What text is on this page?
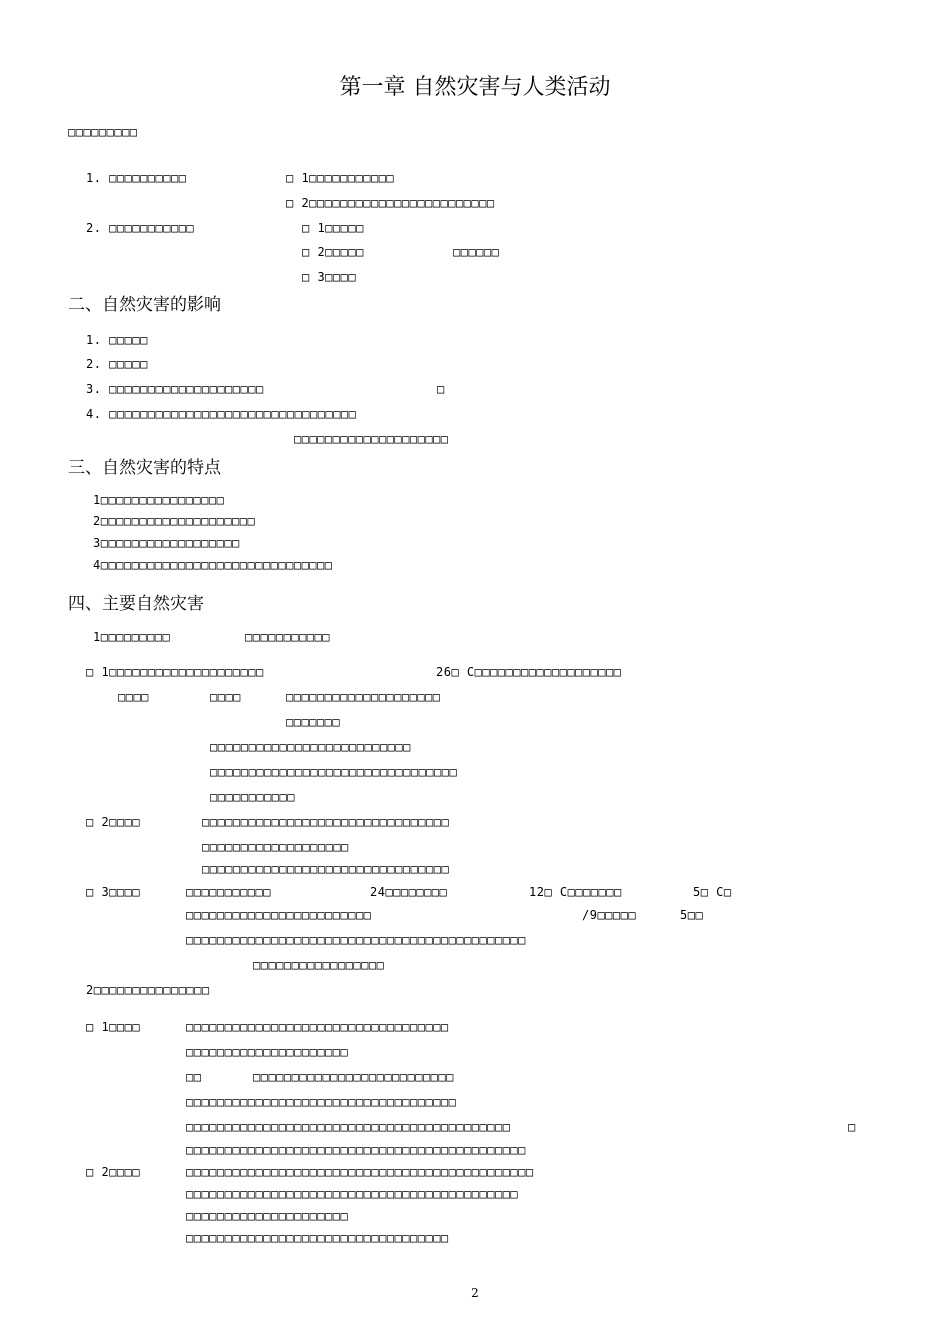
第一章 自然灾害与人类活动
□□□□□□□□□
1. □□□□□□□□□□	□ 1□□□□□□□□□□□
□ 2□□□□□□□□□□□□□□□□□□□□□□□□
2. □□□□□□□□□□□	□ 1□□□□□
□ 2□□□□□	□□□□□□
□ 3□□□□
二、自然灾害的影响
1. □□□□□
2. □□□□□
3. □□□□□□□□□□□□□□□□□□□□	□
4. □□□□□□□□□□□□□□□□□□□□□□□□□□□□□□□□
□□□□□□□□□□□□□□□□□□□□
三、自然灾害的特点
1□□□□□□□□□□□□□□□□
2□□□□□□□□□□□□□□□□□□□□
3□□□□□□□□□□□□□□□□□□
4□□□□□□□□□□□□□□□□□□□□□□□□□□□□□□
四、主要自然灾害
1□□□□□□□□□	□□□□□□□□□□□
□ 1□□□□□□□□□□□□□□□□□□□□	26□ C□□□□□□□□□□□□□□□□□□□
□□□□	□□□□	□□□□□□□□□□□□□□□□□□□□
□□□□□□□
□□□□□□□□□□□□□□□□□□□□□□□□□□
□□□□□□□□□□□□□□□□□□□□□□□□□□□□□□□□
□□□□□□□□□□□
□ 2□□□□	□□□□□□□□□□□□□□□□□□□□□□□□□□□□□□□□
□□□□□□□□□□□□□□□□□□□
□□□□□□□□□□□□□□□□□□□□□□□□□□□□□□□□
□ 3□□□□	□□□□□□□□□□□	24□□□□□□□□	12□ C□□□□□□□	5□ C□
□□□□□□□□□□□□□□□□□□□□□□□□	/9□□□□□	5□□
□□□□□□□□□□□□□□□□□□□□□□□□□□□□□□□□□□□□□□□□□□□□
□□□□□□□□□□□□□□□□□
2□□□□□□□□□□□□□□□
□ 1□□□□	□□□□□□□□□□□□□□□□□□□□□□□□□□□□□□□□□□
□□□□□□□□□□□□□□□□□□□□□
□□	□□□□□□□□□□□□□□□□□□□□□□□□□□
□□□□□□□□□□□□□□□□□□□□□□□□□□□□□□□□□□□
□□□□□□□□□□□□□□□□□□□□□□□□□□□□□□□□□□□□□□□□□□	□
□□□□□□□□□□□□□□□□□□□□□□□□□□□□□□□□□□□□□□□□□□□□
□ 2□□□□	□□□□□□□□□□□□□□□□□□□□□□□□□□□□□□□□□□□□□□□□□□□□□
□□□□□□□□□□□□□□□□□□□□□□□□□□□□□□□□□□□□□□□□□□□
□□□□□□□□□□□□□□□□□□□□□
□□□□□□□□□□□□□□□□□□□□□□□□□□□□□□□□□□
2
